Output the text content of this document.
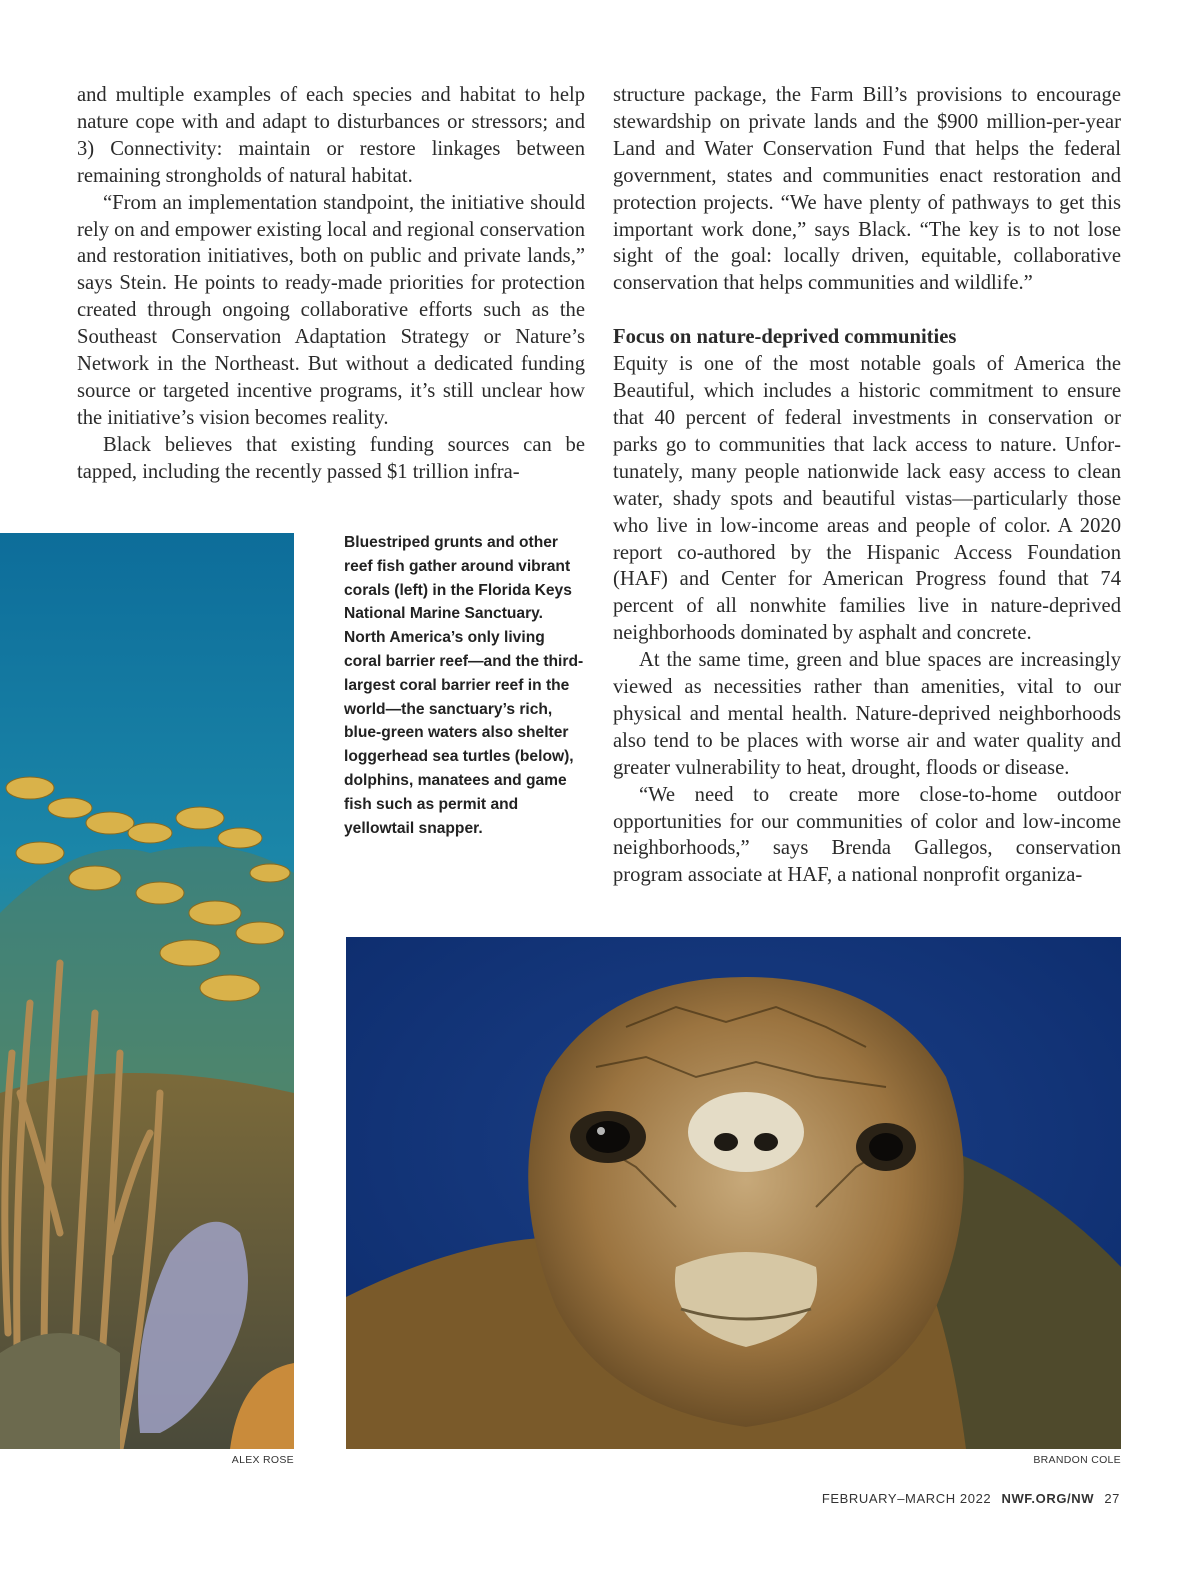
and multiple examples of each species and habitat to help nature cope with and adapt to disturbances or stressors; and 3) Connectivity: maintain or restore linkages between remaining strongholds of natural habitat.

“From an implementation standpoint, the initiative should rely on and empower existing local and regional conservation and restoration initiatives, both on public and private lands,” says Stein. He points to ready-made priorities for protection created through ongoing collaborative efforts such as the Southeast Conservation Adaptation Strategy or Nature’s Network in the Northeast. But without a dedicated funding source or targeted incentive programs, it’s still unclear how the initiative’s vision becomes reality.

Black believes that existing funding sources can be tapped, including the recently passed $1 trillion infra-

structure package, the Farm Bill’s provisions to encourage stewardship on private lands and the $900 million-per-year Land and Water Conservation Fund that helps the federal government, states and communities enact restoration and protection projects. “We have plenty of pathways to get this important work done,” says Black. “The key is to not lose sight of the goal: locally driven, equitable, collaborative conservation that helps communities and wildlife.”

Focus on nature-deprived communities

Equity is one of the most notable goals of America the Beautiful, which includes a historic commitment to ensure that 40 percent of federal investments in conservation or parks go to communities that lack access to nature. Unfortunately, many people nationwide lack easy access to clean water, shady spots and beautiful vistas—particularly those who live in low-income areas and people of color. A 2020 report co-authored by the Hispanic Access Foundation (HAF) and Center for American Progress found that 74 percent of all nonwhite families live in nature-deprived neighborhoods dominated by asphalt and concrete.

At the same time, green and blue spaces are increasingly viewed as necessities rather than amenities, vital to our physical and mental health. Nature-deprived neighborhoods also tend to be places with worse air and water quality and greater vulnerability to heat, drought, floods or disease.

“We need to create more close-to-home outdoor opportunities for our communities of color and low-income neighborhoods,” says Brenda Gallegos, conservation program associate at HAF, a national nonprofit organiza-

Bluestriped grunts and other reef fish gather around vibrant corals (left) in the Florida Keys National Marine Sanctuary. North America’s only living coral barrier reef—and the third-largest coral barrier reef in the world—the sanctuary’s rich, blue-green waters also shelter loggerhead sea turtles (below), dolphins, manatees and game fish such as permit and yellowtail snapper.

ALEX ROSE	BRANDON COLE
FEBRUARY–MARCH 2022 NWF.ORG/NW 27
